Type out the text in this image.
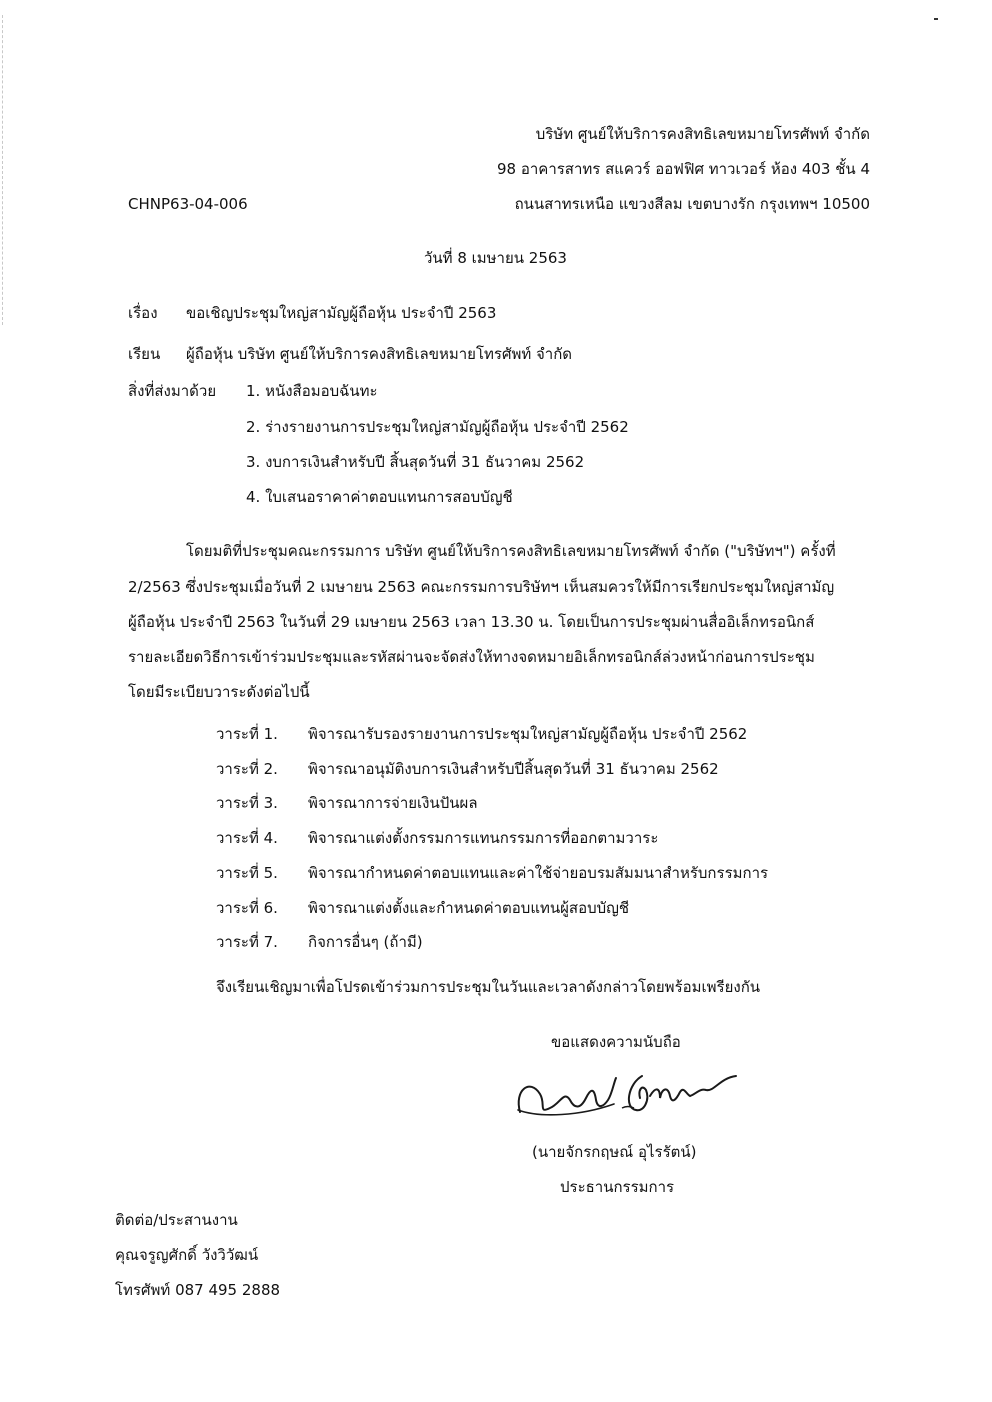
บริษัท ศูนย์ให้บริการคงสิทธิเลขหมายโทรศัพท์ จำกัด
98 อาคารสาทร สแควร์ ออฟฟิศ ทาวเวอร์ ห้อง 403 ชั้น 4
ถนนสาทรเหนือ แขวงสีลม เขตบางรัก กรุงเทพฯ 10500
CHNP63-04-006
วันที่ 8 เมษายน 2563
เรื่อง ขอเชิญประชุมใหญ่สามัญผู้ถือหุ้น ประจำปี 2563
เรียน ผู้ถือหุ้น บริษัท ศูนย์ให้บริการคงสิทธิเลขหมายโทรศัพท์ จำกัด
สิ่งที่ส่งมาด้วย 1. หนังสือมอบฉันทะ
2. ร่างรายงานการประชุมใหญ่สามัญผู้ถือหุ้น ประจำปี 2562
3. งบการเงินสำหรับปี สิ้นสุดวันที่ 31 ธันวาคม 2562
4. ใบเสนอราคาค่าตอบแทนการสอบบัญชี
โดยมติที่ประชุมคณะกรรมการ บริษัท ศูนย์ให้บริการคงสิทธิเลขหมายโทรศัพท์ จำกัด ("บริษัทฯ") ครั้งที่
2/2563 ซึ่งประชุมเมื่อวันที่ 2 เมษายน 2563 คณะกรรมการบริษัทฯ เห็นสมควรให้มีการเรียกประชุมใหญ่สามัญ
ผู้ถือหุ้น ประจำปี 2563 ในวันที่ 29 เมษายน 2563 เวลา 13.30 น. โดยเป็นการประชุมผ่านสื่ออิเล็กทรอนิกส์
รายละเอียดวิธีการเข้าร่วมประชุมและรหัสผ่านจะจัดส่งให้ทางจดหมายอิเล็กทรอนิกส์ล่วงหน้าก่อนการประชุม
โดยมีระเบียบวาระดังต่อไปนี้
วาระที่ 1. พิจารณารับรองรายงานการประชุมใหญ่สามัญผู้ถือหุ้น ประจำปี 2562
วาระที่ 2. พิจารณาอนุมัติงบการเงินสำหรับปีสิ้นสุดวันที่ 31 ธันวาคม 2562
วาระที่ 3. พิจารณาการจ่ายเงินปันผล
วาระที่ 4. พิจารณาแต่งตั้งกรรมการแทนกรรมการที่ออกตามวาระ
วาระที่ 5. พิจารณากำหนดค่าตอบแทนและค่าใช้จ่ายอบรมสัมมนาสำหรับกรรมการ
วาระที่ 6. พิจารณาแต่งตั้งและกำหนดค่าตอบแทนผู้สอบบัญชี
วาระที่ 7. กิจการอื่นๆ (ถ้ามี)
จึงเรียนเชิญมาเพื่อโปรดเข้าร่วมการประชุมในวันและเวลาดังกล่าวโดยพร้อมเพรียงกัน
ขอแสดงความนับถือ
(นายจักรกฤษณ์ อุไรรัตน์)
ประธานกรรมการ
ติดต่อ/ประสานงาน
คุณจรูญศักดิ์ วังวิวัฒน์
โทรศัพท์ 087 495 2888
